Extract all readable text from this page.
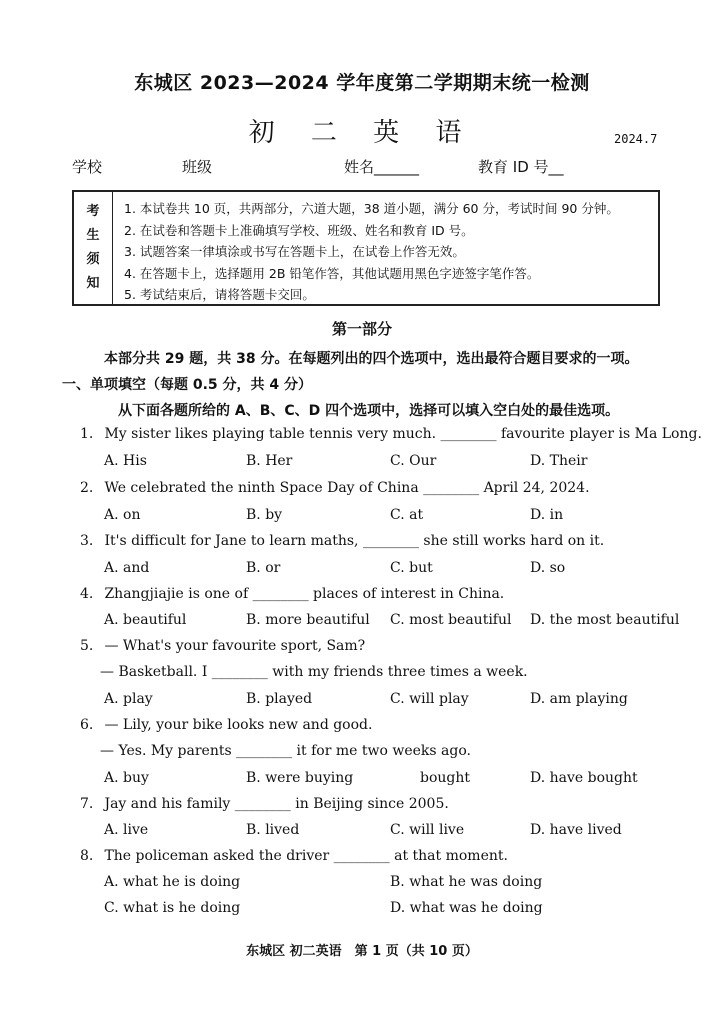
东城区 2023—2024 学年度第二学期期末统一检测
初 二 英 语	2024.7
学校	班级	姓名______	教育 ID 号__
考
生
须
知
1. 本试卷共 10 页，共两部分，六道大题，38 道小题，满分 60 分，考试时间 90 分钟。
2. 在试卷和答题卡上准确填写学校、班级、姓名和教育 ID 号。
3. 试题答案一律填涂或书写在答题卡上，在试卷上作答无效。
4. 在答题卡上，选择题用 2B 铅笔作答，其他试题用黑色字迹签字笔作答。
5. 考试结束后，请将答题卡交回。
第一部分
本部分共 29 题，共 38 分。在每题列出的四个选项中，选出最符合题目要求的一项。
一、单项填空（每题 0.5 分，共 4 分）
从下面各题所给的 A、B、C、D 四个选项中，选择可以填入空白处的最佳选项。
1. My sister likes playing table tennis very much. ________ favourite player is Ma Long.
A. His	B. Her	C. Our	D. Their
2. We celebrated the ninth Space Day of China ________ April 24, 2024.
A. on	B. by	C. at	D. in
3. It's difficult for Jane to learn maths, ________ she still works hard on it.
A. and	B. or	C. but	D. so
4. Zhangjiajie is one of ________ places of interest in China.
A. beautiful	B. more beautiful C. most beautiful D. the most beautiful
5. — What's your favourite sport, Sam?
— Basketball. I ________ with my friends three times a week.
A. play	B. played	C. will play	D. am playing
6. — Lily, your bike looks new and good.
— Yes. My parents ________ it for me two weeks ago.
A. buy	B. were buying	bought	D. have bought
7. Jay and his family ________ in Beijing since 2005.
A. live	B. lived	C. will live	D. have lived
8. The policeman asked the driver ________ at that moment.
A. what he is doing	B. what he was doing
C. what is he doing	D. what was he doing
东城区 初二英语　第 1 页（共 10 页）
